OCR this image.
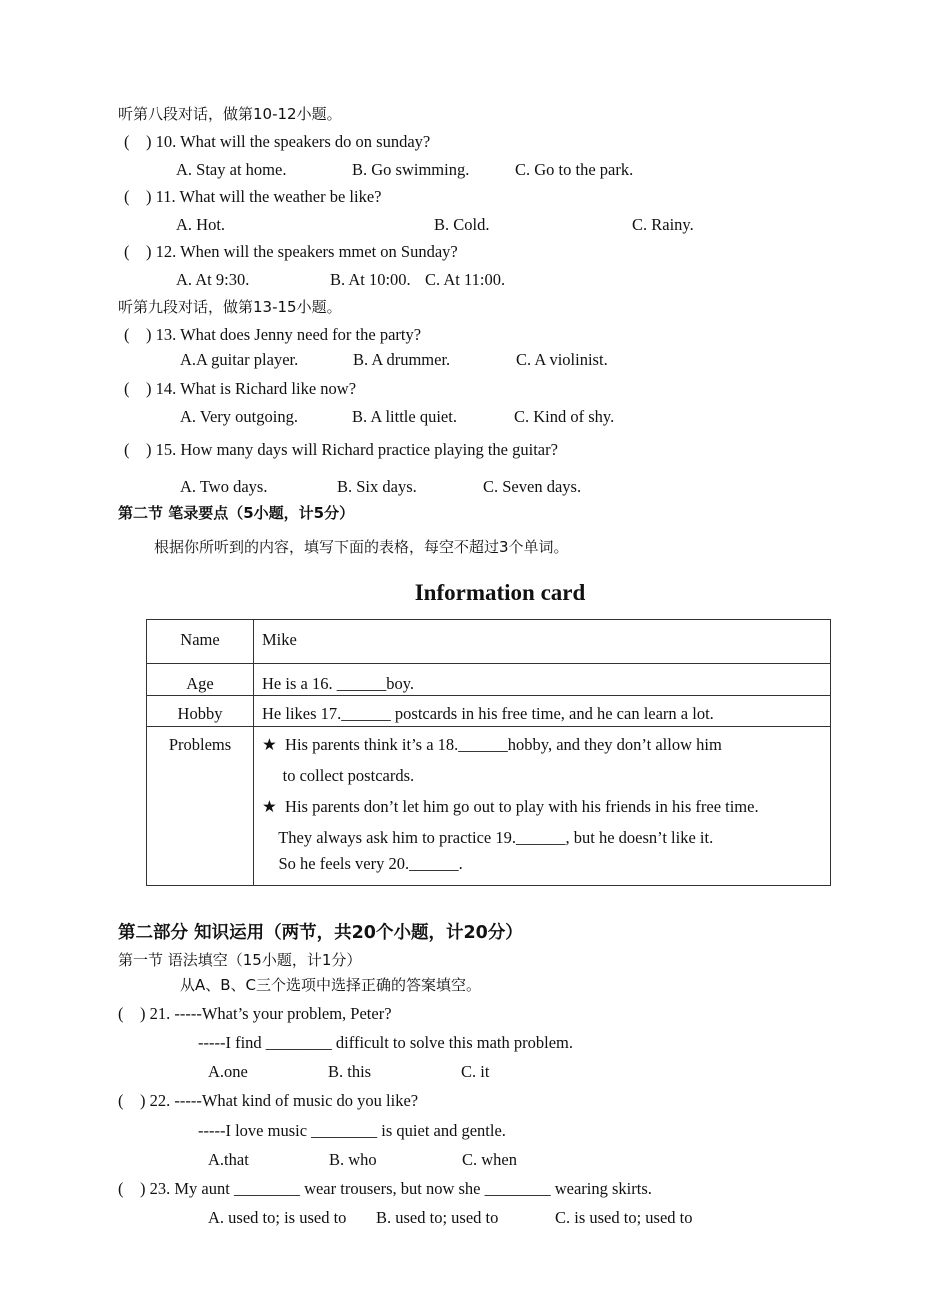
听第八段对话，做第10-12小题。
(　) 10. What will the speakers do on sunday?
A. Stay at home.	B. Go swimming.	C. Go to the park.
(　) 11. What will the weather be like?
A. Hot.	B. Cold.	C. Rainy.
(　) 12. When will the speakers mmet on Sunday?
A. At 9:30.	B. At 10:00. C. At 11:00.
听第九段对话，做第13-15小题。
(　) 13. What does Jenny need for the party?
A.A guitar player.	B. A drummer.	C. A violinist.
(　) 14. What is Richard like now?
A. Very outgoing.	B. A little quiet.	C. Kind of shy.
(　) 15. How many days will Richard practice playing the guitar?
A. Two days.	B. Six days.	C. Seven days.
第二节 笔录要点（5小题，计5分）
根据你所听到的内容，填写下面的表格，每空不超过3个单词。
Information card
Name	Mike

Age	He is a 16. ______boy.

Hobby	He likes 17.______ postcards in his free time, and he can learn a lot.

Problems	★  His parents think it’s a 18.______hobby, and they don’t allow him
to collect postcards.
★  His parents don’t let him go out to play with his friends in his free time.
They always ask him to practice 19.______, but he doesn’t like it.
So he feels very 20.______.
第二部分 知识运用（两节，共20个小题，计20分）
第一节 语法填空（15小题，计1分）
从A、B、C三个选项中选择正确的答案填空。
(    ) 21. -----What’s your problem, Peter?
-----I find ________ difficult to solve this math problem.
A.one	B. this	C. it
(    ) 22. -----What kind of music do you like?
-----I love music ________ is quiet and gentle.
A.that	B. who	C. when
(    ) 23. My aunt ________ wear trousers, but now she ________ wearing skirts.
A. used to; is used to B. used to; used to	C. is used to; used to
